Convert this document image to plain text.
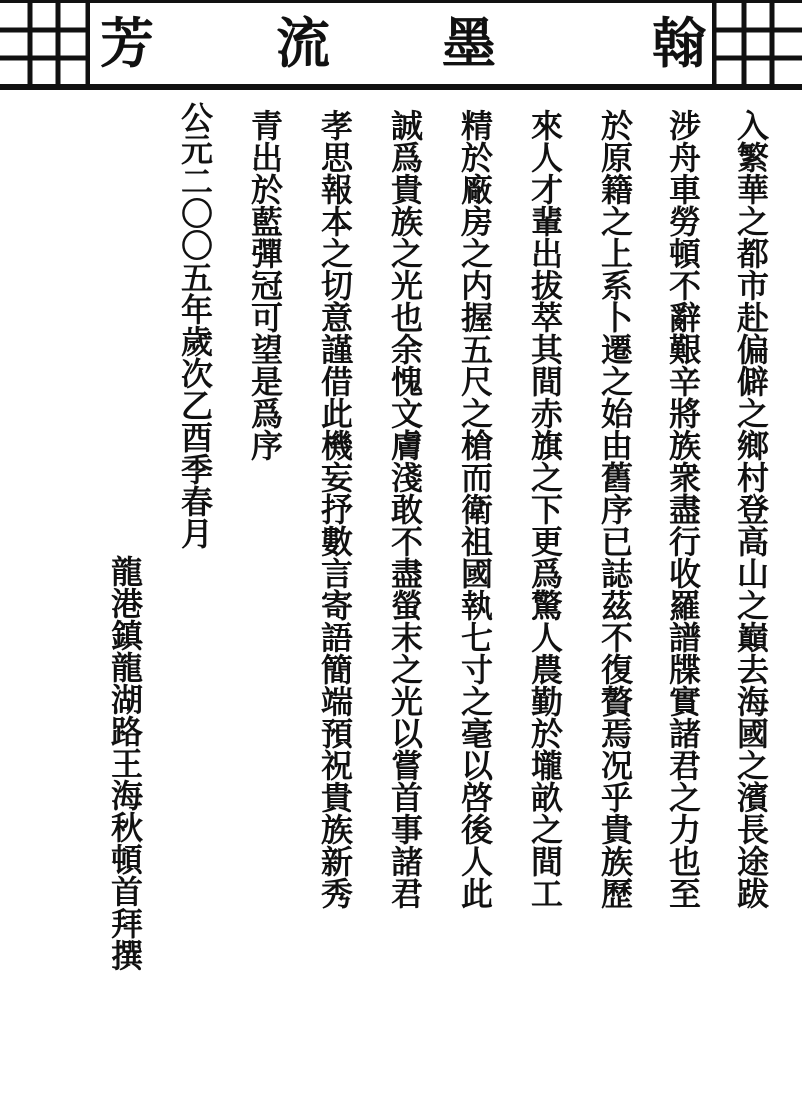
翰
墨
流
芳
入繁華之都市赴偏僻之鄉村登高山之巔去海國之濱長途跋
涉舟車勞頓不辭艱辛將族衆盡行收羅譜牒實諸君之力也至
於原籍之上系卜遷之始由舊序已誌茲不復贅焉况乎貴族歷
來人才輩出拔萃其間赤旗之下更爲驚人農勤於壠畝之間工
精於廠房之内握五尺之槍而衛祖國執七寸之毫以啓後人此
誠爲貴族之光也余愧文膚淺敢不盡螢末之光以嘗首事諸君
孝思報本之切意謹借此機妄抒數言寄語簡端預祝貴族新秀
青出於藍彈冠可望是爲序
公元二〇〇五年歲次乙酉季春月
龍港鎮龍湖路王海秋頓首拜撰
